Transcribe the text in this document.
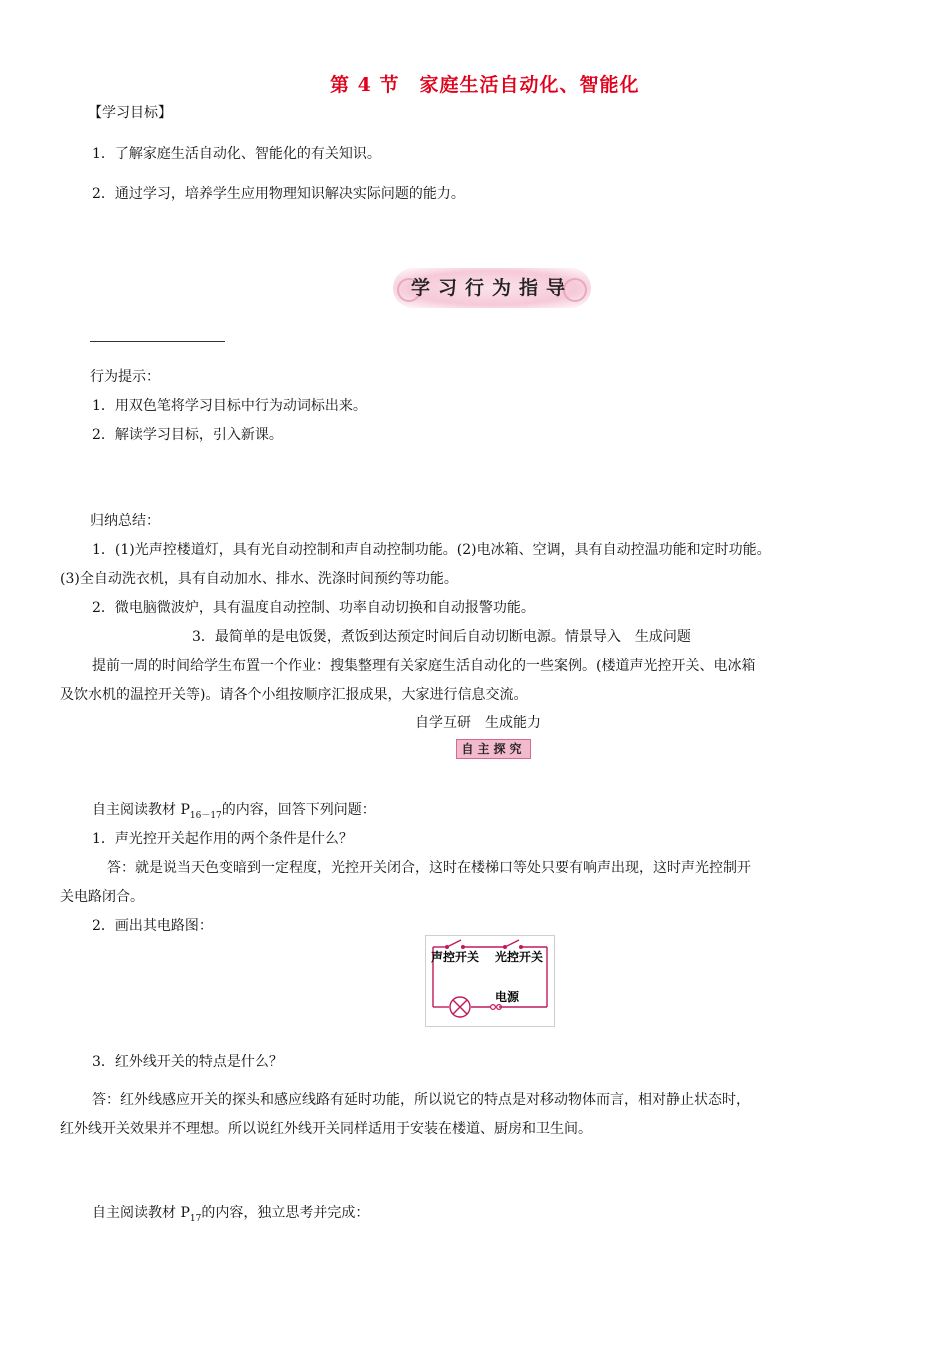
第 4 节　家庭生活自动化、智能化
【学习目标】
1．了解家庭生活自动化、智能化的有关知识。
2．通过学习，培养学生应用物理知识解决实际问题的能力。
学习行为指导
行为提示：
1．用双色笔将学习目标中行为动词标出来。
2．解读学习目标，引入新课。
归纳总结：
1．(1)光声控楼道灯，具有光自动控制和声自动控制功能。(2)电冰箱、空调，具有自动控温功能和定时功能。
(3)全自动洗衣机，具有自动加水、排水、洗涤时间预约等功能。
2．微电脑微波炉，具有温度自动控制、功率自动切换和自动报警功能。
3．最简单的是电饭煲，煮饭到达预定时间后自动切断电源。情景导入　生成问题
提前一周的时间给学生布置一个作业：搜集整理有关家庭生活自动化的一些案例。(楼道声光控开关、电冰箱
及饮水机的温控开关等)。请各个小组按顺序汇报成果，大家进行信息交流。
自学互研　生成能力
自主探究
自主阅读教材 $P_{16-17}$的内容，回答下列问题：
1．声光控开关起作用的两个条件是什么？
答：就是说当天色变暗到一定程度，光控开关闭合，这时在楼梯口等处只要有响声出现，这时声光控制开
关电路闭合。
2．画出其电路图：
声控开关 光控开关
电源
3．红外线开关的特点是什么？
答：红外线感应开关的探头和感应线路有延时功能，所以说它的特点是对移动物体而言，相对静止状态时，
红外线开关效果并不理想。所以说红外线开关同样适用于安装在楼道、厨房和卫生间。
自主阅读教材 $P_{17}$的内容，独立思考并完成：
